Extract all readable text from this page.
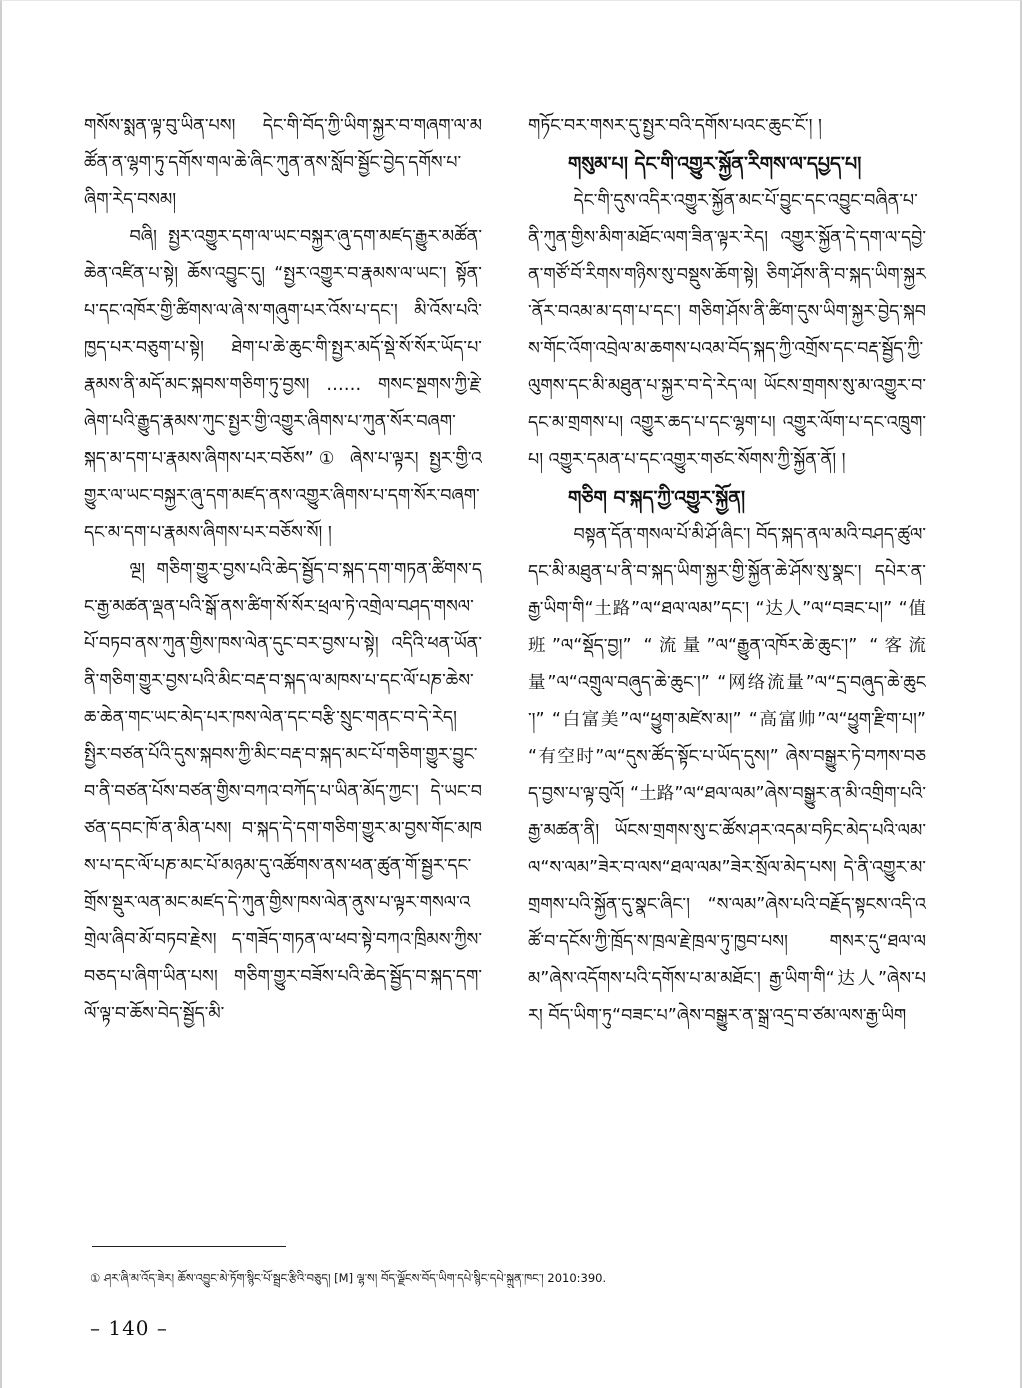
གསོས་སྨན་ལྟ་བུ་ཡིན་པས། དེང་གི་བོད་ཀྱི་ཡིག་སྐྱར་བ་གཞག་ལ་མཚོན་ན་ལྷག་ཏུ་དགོས་གལ་ཆེ་ཞིང་ཀུན་ནས་སློབ་སྦྱོང་བྱེད་དགོས་པ་ཞིག་རེད་བསམ།

བཞི། སྤྱར་འགྱུར་དག་ལ་ཡང་བསྐྱར་ཞུ་དག་མཛད་རྒྱུར་མཚོན་ཆེན་འཛིན་པ་སྟེ། ཆོས་འབྱུང་དུ། “སྤྱར་འགྱུར་བ་རྣམས་ལ་ཡང་། སྟོན་པ་དང་འཁོར་གྱི་ཚིགས་ལ་ཞེ་ས་གཞུག་པར་འོས་པ་དང་། མི་འོས་པའི་ཁྱད་པར་བཅུག་པ་སྟེ། ཐེག་པ་ཆེ་ཆུང་གི་སྤྱར་མདོ་སྡེ་སོ་སོར་ཡོད་པ་རྣམས་ནི་མདོ་མང་སྐབས་གཅིག་ཏུ་བྱས། …… གསང་སྔགས་ཀྱི་རྗེ་ཞེག་པའི་རྒྱུད་རྣམས་ཀུང་སྤྱར་གྱི་འགྱུར་ཞིགས་པ་ཀུན་སོར་བཞག་ སྐད་མ་དག་པ་རྣམས་ཞིགས་པར་བཅོས”① ཞེས་པ་ལྟར། སྤྱར་གྱི་འགྱུར་ལ་ཡང་བསྐྱར་ཞུ་དག་མཛད་ནས་འགྱུར་ཞིགས་པ་དག་སོར་བཞག་དང་མ་དག་པ་རྣམས་ཞིགས་པར་བཅོས་སོ། །

ལྔ། གཅིག་གྱུར་བྱས་པའི་ཆེད་སྦྱོད་བ་སྐད་དག་གཏན་ཚིགས་དང་རྒྱ་མཚན་ལྡན་པའི་སྒོ་ནས་ཚིག་སོ་སོར་ཕྲལ་ཏེ་འགྲེལ་བཤད་གསལ་པོ་བཏབ་ནས་ཀུན་གྱིས་ཁས་ལེན་དུང་བར་བྱས་པ་སྟེ། འདིའི་ཕན་ཡོན་ནི་གཅིག་གྱུར་བྱས་པའི་མིང་བརྡ་བ་སྐད་ལ་མཁས་པ་དང་ལོ་པཎ་ཆེས་ཆ་ཆེན་གང་ཡང་མེད་པར་ཁས་ལེན་དང་བརྩི་སྲུང་གནང་བ་དེ་རེད། སྤྱིར་བཙན་པོའི་དུས་སྐབས་ཀྱི་མིང་བརྡ་བ་སྐད་མང་པོ་གཅིག་གྱུར་བྱུང་བ་ནི་བཙན་པོས་བཙན་གྱིས་བཀའ་བཀོད་པ་ཡིན་མོད་ཀྱང་། དེ་ཡང་བཙན་དབང་ཁོ་ན་མིན་པས། བ་སྐད་དེ་དག་གཅིག་གྱུར་མ་བྱས་གོང་མཁས་པ་དང་ལོ་པཎ་མང་པོ་མཉམ་དུ་འཚོགས་ནས་ཕན་ཚུན་གོ་སྦྱར་དང་གྲོས་སྡུར་ལན་མང་མཛད་དེ་ཀུན་གྱིས་ཁས་ལེན་ནུས་པ་ལྟར་གསལ་འགྲེལ་ཞིབ་མོ་བཏབ་རྗེས། ད་གཟོད་གཏན་ལ་ཕབ་སྟེ་བཀའ་ཁྲིམས་ཀྱིས་བཅད་པ་ཞིག་ཡིན་པས། གཅིག་གྱུར་བཟོས་པའི་ཆེད་སྦྱོད་བ་སྐད་དག་ལོ་ལྟ་བ་ཆོས་བེད་སྦྱོད་མི་

གཏོང་བར་གསར་དུ་སྤྱར་བའི་དགོས་པའང་ཆུང་ངོ་། །

གསུམ་པ། དེང་གི་འགྱུར་སྐྱོན་རིགས་ལ་དཔྱད་པ།

དེང་གི་དུས་འདིར་འགྱུར་སྐྱོན་མང་པོ་བྱུང་དང་འབྱུང་བཞིན་པ་ནི་ཀུན་གྱིས་མིག་མཐོང་ལག་ཟིན་ལྟར་རེད། འགྱུར་སྐྱོན་དེ་དག་ལ་དབྱེ་ན་གཙོ་བོ་རིགས་གཉིས་སུ་བསྡུས་ཆོག་སྟེ། ཅིག་ཤོས་ནི་བ་སྐད་ཡིག་སྐྱར་ནོར་བའམ་མ་དག་པ་དང་། གཅིག་ཤོས་ནི་ཚིག་དུས་ཡིག་སྐྱར་བྱེད་སྐབས་གོང་འོག་འབྲེལ་མ་ཆགས་པའམ་བོད་སྐད་ཀྱི་འགྲོས་དང་བརྡ་སྦྱོད་ཀྱི་ལུགས་དང་མི་མཐུན་པ་སྐྱར་བ་དེ་རེད་ལ། ཡོངས་གྲགས་སུ་མ་འགྱུར་བ་དང་མ་གྲགས་པ། འགྱུར་ཆད་པ་དང་ལྷག་པ། འགྱུར་ལོག་པ་དང་འཁྲུག་པ། འགྱུར་དམན་པ་དང་འགྱུར་གཙང་སོགས་ཀྱི་སྐྱོན་ནོ། །

གཅིག བ་སྐད་ཀྱི་འགྱུར་སྐྱོན།

བསྟན་དོན་གསལ་པོ་མི་ཤོ་ཞིང་། བོད་སྐད་ནལ་མའི་བཤད་ཚུལ་དང་མི་མཐུན་པ་ནི་བ་སྐད་ཡིག་སྐྱར་གྱི་སྐྱོན་ཆེ་ཤོས་སུ་སྣང་། དཔེར་ན་རྒྱ་ཡིག་གི“土路”ལ“ཐལ་ལམ”དང་། “达人”ལ“བཟང་པ།” “值班”ལ“སྡོད་བྱ།” “流量”ལ“རྒྱུན་འཁོར་ཆེ་ཆུང་།” “客流量”ལ“འགྲུལ་བཞུད་ཆེ་ཆུང་།” “网络流量”ལ“དྲ་བཞུད་ཆེ་ཆུང་།” “白富美”ལ“ཕྱུག་མཛེས་མ།” “高富帅”ལ“ཕྱུག་རྫིག་པ།” “有空时”ལ“དུས་ཚོད་སྟོང་པ་ཡོད་དུས།” ཞེས་བསྒྱུར་ཏེ་བཀས་བཅད་བྱས་པ་ལྟ་བུའོ། “土路”ལ“ཐལ་ལམ”ཞེས་བསྒྱུར་ན་མི་འགྲིག་པའི་རྒྱ་མཚན་ནི། ཡོངས་གྲགས་སུ་ང་ཚོས་ཤར་འདམ་བཏིང་མེད་པའི་ལམ་ལ“ས་ལམ”ཟེར་བ་ལས“ཐལ་ལམ”ཟེར་སྲོལ་མེད་པས། དེ་ནི་འགྱུར་མ་གྲགས་པའི་སྐྱོན་དུ་སྣང་ཞིང་། “ས་ལམ”ཞེས་པའི་བརྗོད་སྟངས་འདི་འཚོ་བ་དངོས་ཀྱི་ཁྲོད་ས་ཁྲལ་རྗེ་ཁྲལ་ཏུ་ཁྱབ་པས། གསར་དུ“ཐལ་ལམ”ཞེས་འདོགས་པའི་དགོས་པ་མ་མཐོང་། རྒྱ་ཡིག་གི“达人”ཞེས་པར། བོད་ཡིག་ཏུ“བཟང་པ”ཞེས་བསྒྱུར་ན་སྒྲ་འདྲ་བ་ཙམ་ལས་རྒྱ་ཡིག

① ཤར་ཞི་མ་འོད་ཟེར། ཆོས་འབྱུང་མེ་ཏོག་སྙིང་པོ་སྦྲང་རྩིའི་བཅུད། [M] ལྷ་ས། བོད་ལྗོངས་བོད་ཡིག་དཔེ་སྙིང་དཔེ་སྐྲུན་ཁང་། 2010:390.
– 140 –
